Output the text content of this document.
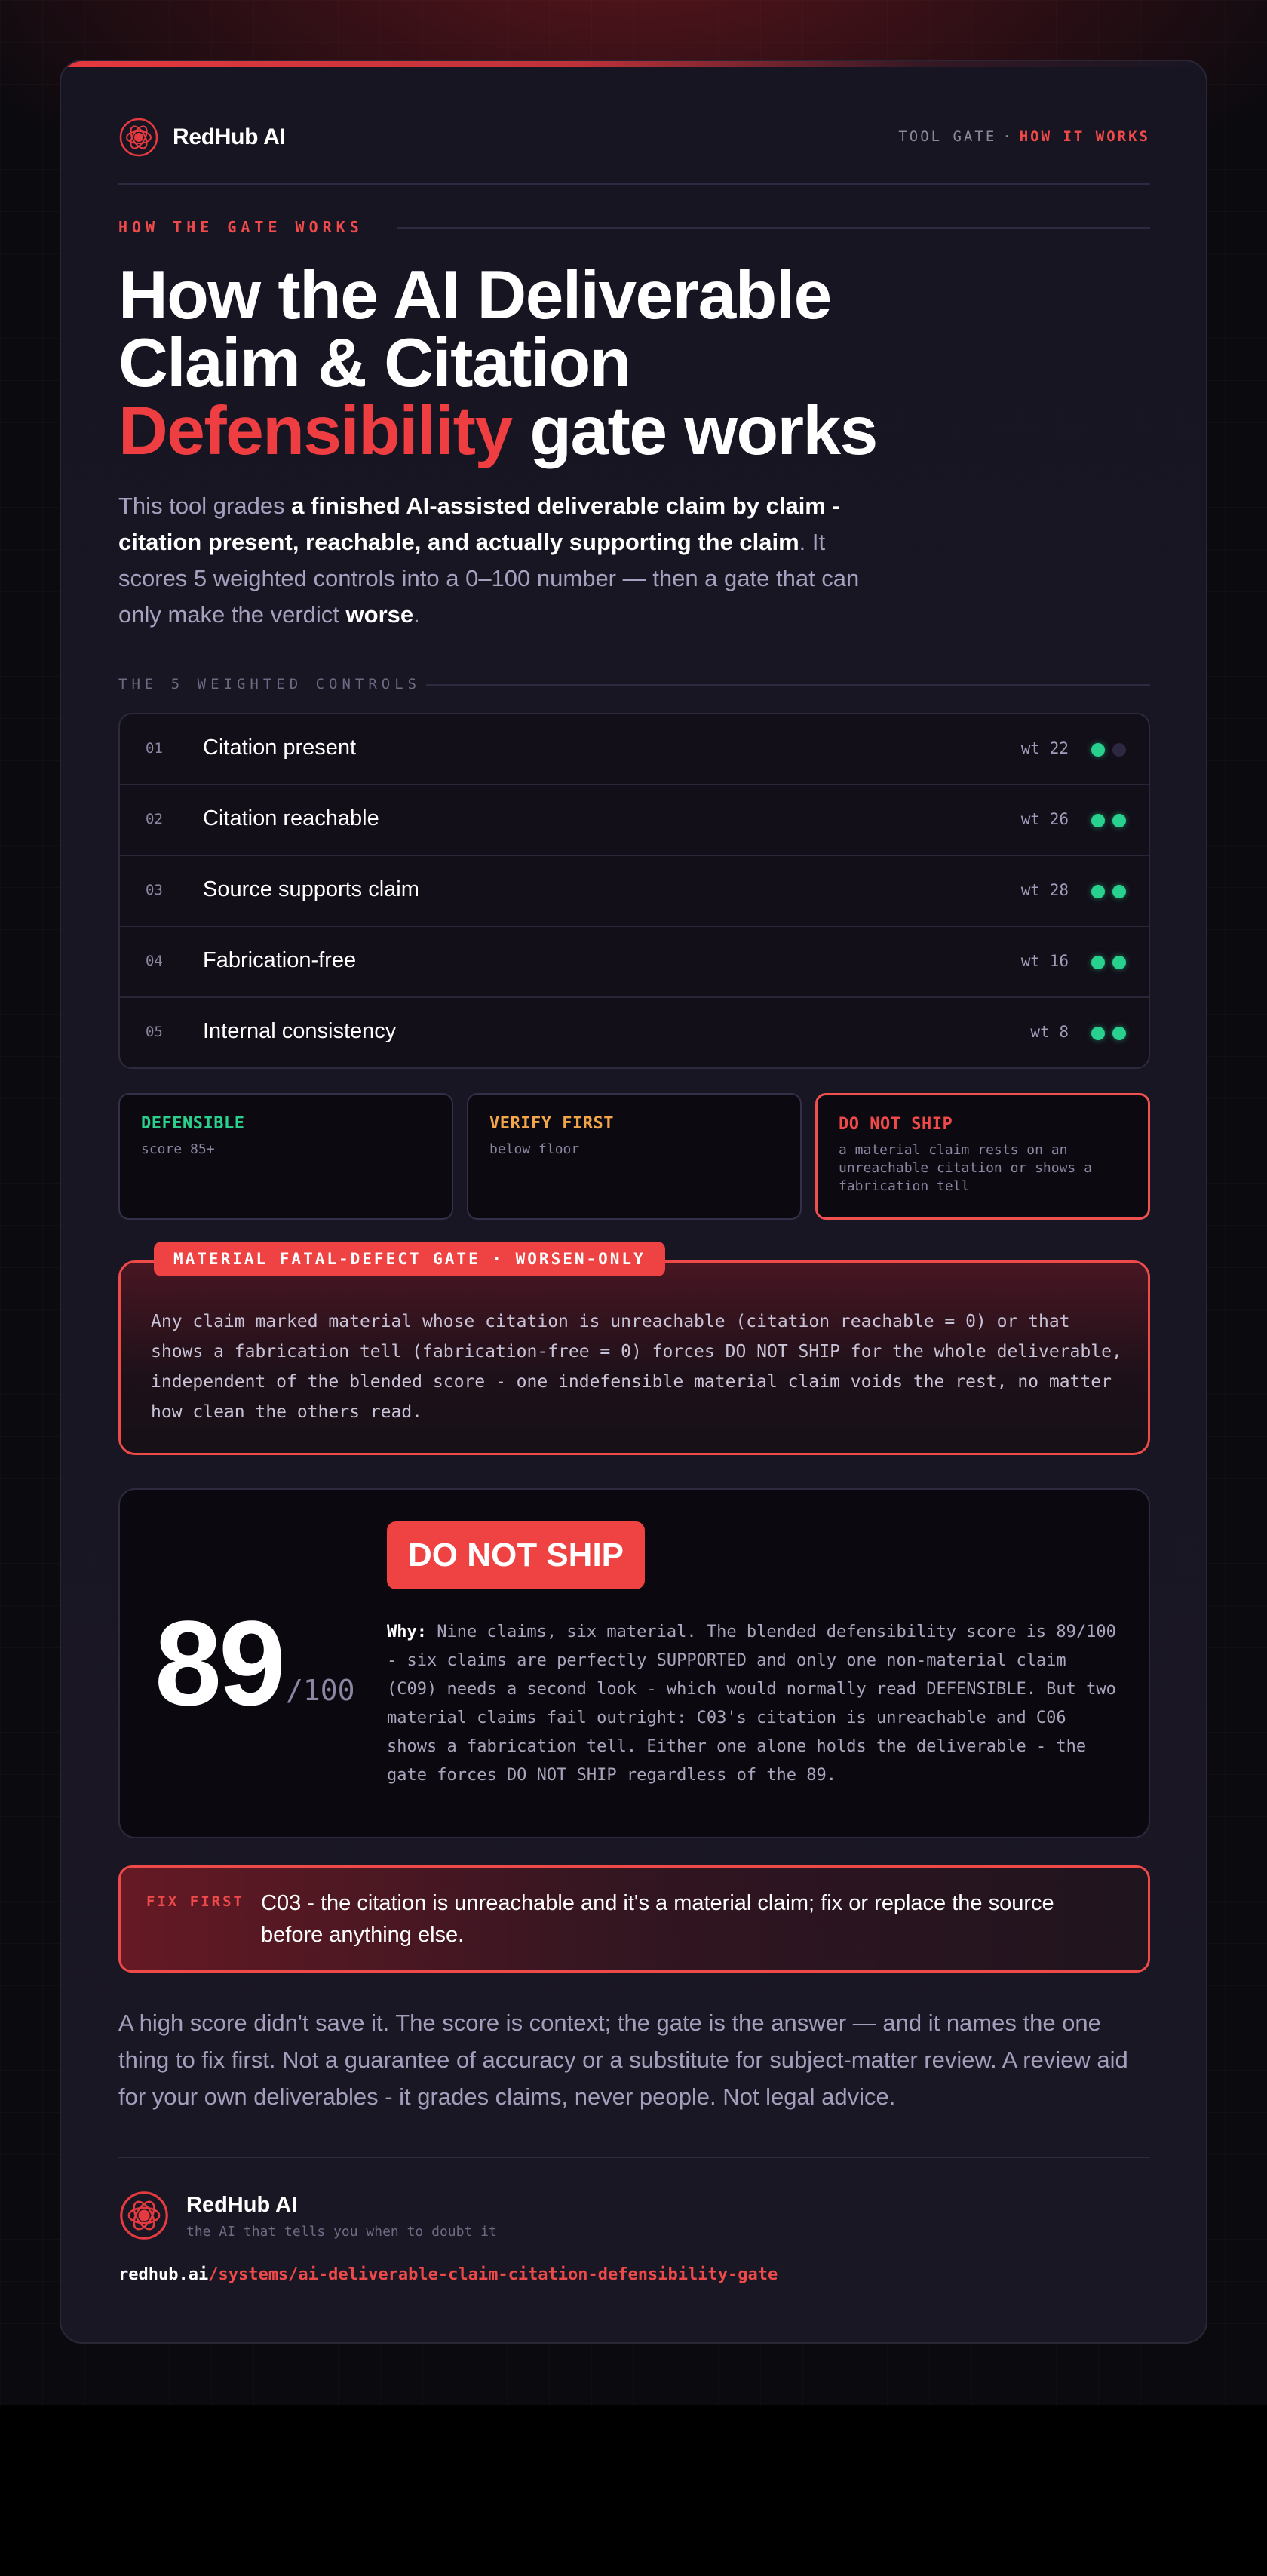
RedHub AI	TOOL GATE · HOW IT WORKS
HOW THE GATE WORKS
How the AI Deliverable
Claim & Citation
Defensibility gate works

This tool grades a finished AI-assisted deliverable claim by claim - citation present, reachable, and actually supporting the claim. It scores 5 weighted controls into a 0–100 number — then a gate that can only make the verdict worse.

THE 5 WEIGHTED CONTROLS
01 Citation present	wt 22
02 Citation reachable	wt 26
03 Source supports claim	wt 28
04 Fabrication-free	wt 16
05 Internal consistency	wt 8
DEFENSIBLE
score 85+
VERIFY FIRST
below floor
DO NOT SHIP
a material claim rests on an unreachable citation or shows a fabrication tell
MATERIAL FATAL-DEFECT GATE · WORSEN-ONLY
Any claim marked material whose citation is unreachable (citation reachable = 0) or that shows a fabrication tell (fabrication-free = 0) forces DO NOT SHIP for the whole deliverable, independent of the blended score - one indefensible material claim voids the rest, no matter how clean the others read.
89 /100
DO NOT SHIP
Why: Nine claims, six material. The blended defensibility score is 89/100 - six claims are perfectly SUPPORTED and only one non-material claim (C09) needs a second look - which would normally read DEFENSIBLE. But two material claims fail outright: C03's citation is unreachable and C06 shows a fabrication tell. Either one alone holds the deliverable - the gate forces DO NOT SHIP regardless of the 89.
FIX FIRST C03 - the citation is unreachable and it's a material claim; fix or replace the source before anything else.

A high score didn't save it. The score is context; the gate is the answer — and it names the one thing to fix first. Not a guarantee of accuracy or a substitute for subject-matter review. A review aid for your own deliverables - it grades claims, never people. Not legal advice.

RedHub AI
the AI that tells you when to doubt it
redhub.ai/systems/ai-deliverable-claim-citation-defensibility-gate
